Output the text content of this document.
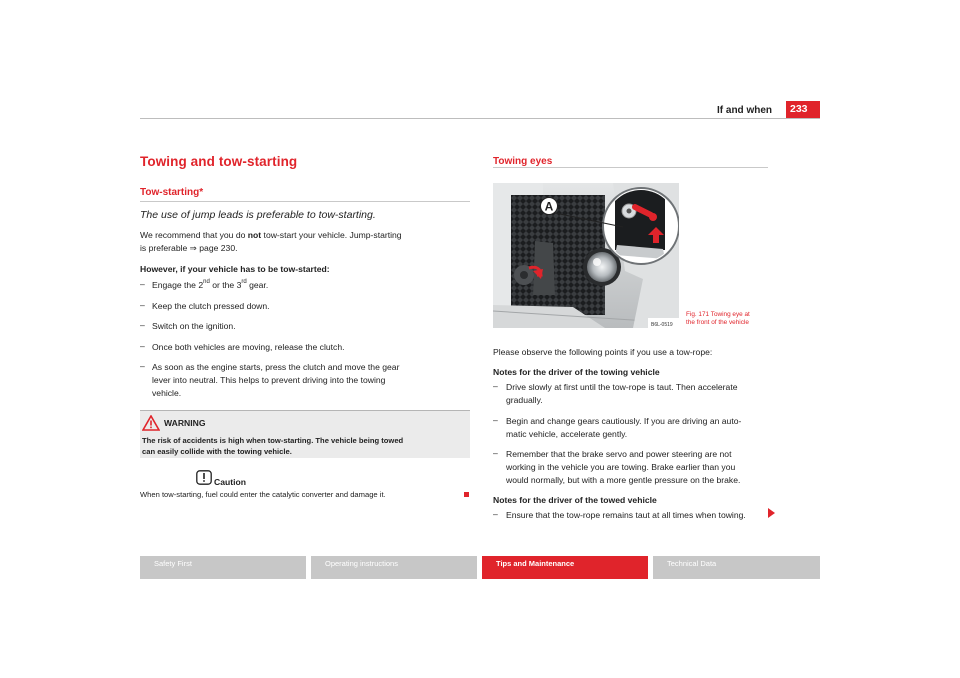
If and when	233
Towing and tow-starting
Tow-starting*
The use of jump leads is preferable to tow-starting.
We recommend that you do not tow-start your vehicle. Jump-starting
is preferable ⇒ page 230.
However, if your vehicle has to be tow-started:
– Engage the 2nd or the 3rd gear.
– Keep the clutch pressed down.
– Switch on the ignition.
– Once both vehicles are moving, release the clutch.
– As soon as the engine starts, press the clutch and move the gear
lever into neutral. This helps to prevent driving into the towing
vehicle.
WARNING
The risk of accidents is high when tow-starting. The vehicle being towed
can easily collide with the towing vehicle.
Caution
When tow-starting, fuel could enter the catalytic converter and damage it.
Towing eyes
A
B6L-0519
Fig. 171 Towing eye at
the front of the vehicle
Please observe the following points if you use a tow-rope:
Notes for the driver of the towing vehicle
– Drive slowly at first until the tow-rope is taut. Then accelerate
gradually.
– Begin and change gears cautiously. If you are driving an auto-
matic vehicle, accelerate gently.
– Remember that the brake servo and power steering are not
working in the vehicle you are towing. Brake earlier than you
would normally, but with a more gentle pressure on the brake.
Notes for the driver of the towed vehicle
– Ensure that the tow-rope remains taut at all times when towing.
Safety First	Operating instructions	Tips and Maintenance	Technical Data
